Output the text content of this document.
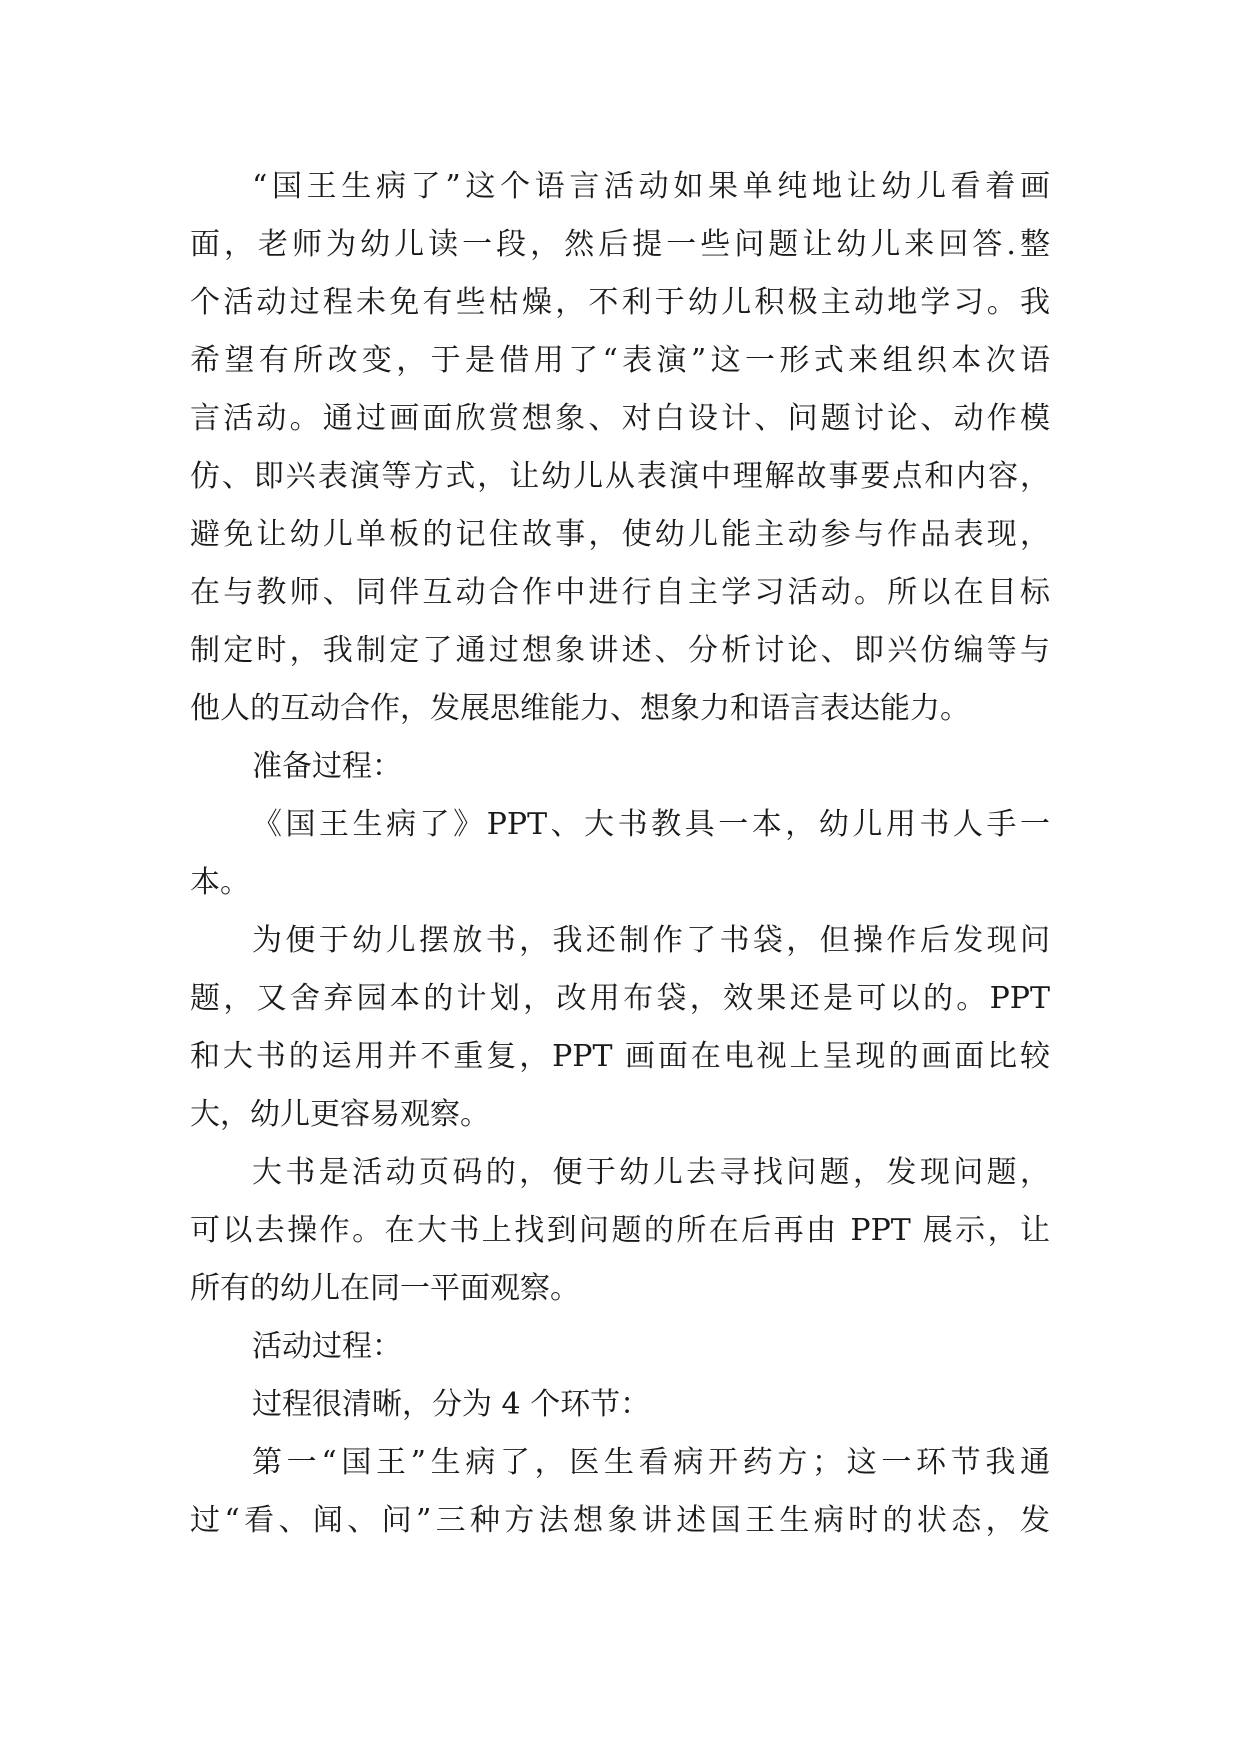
“国王生病了”这个语言活动如果单纯地让幼儿看着画
面，老师为幼儿读一段，然后提一些问题让幼儿来回答.整
个活动过程未免有些枯燥，不利于幼儿积极主动地学习。我
希望有所改变，于是借用了“表演”这一形式来组织本次语
言活动。通过画面欣赏想象、对白设计、问题讨论、动作模
仿、即兴表演等方式，让幼儿从表演中理解故事要点和内容，
避免让幼儿单板的记住故事，使幼儿能主动参与作品表现，
在与教师、同伴互动合作中进行自主学习活动。所以在目标
制定时，我制定了通过想象讲述、分析讨论、即兴仿编等与
他人的互动合作，发展思维能力、想象力和语言表达能力。
准备过程：
《国王生病了》PPT、大书教具一本，幼儿用书人手一
本。
为便于幼儿摆放书，我还制作了书袋，但操作后发现问
题，又舍弃园本的计划，改用布袋，效果还是可以的。PPT
和大书的运用并不重复，PPT 画面在电视上呈现的画面比较
大，幼儿更容易观察。
大书是活动页码的，便于幼儿去寻找问题，发现问题，
可以去操作。在大书上找到问题的所在后再由 PPT 展示，让
所有的幼儿在同一平面观察。
活动过程：
过程很清晰，分为 4 个环节：
第一“国王”生病了，医生看病开药方；这一环节我通
过“看、闻、问”三种方法想象讲述国王生病时的状态，发
